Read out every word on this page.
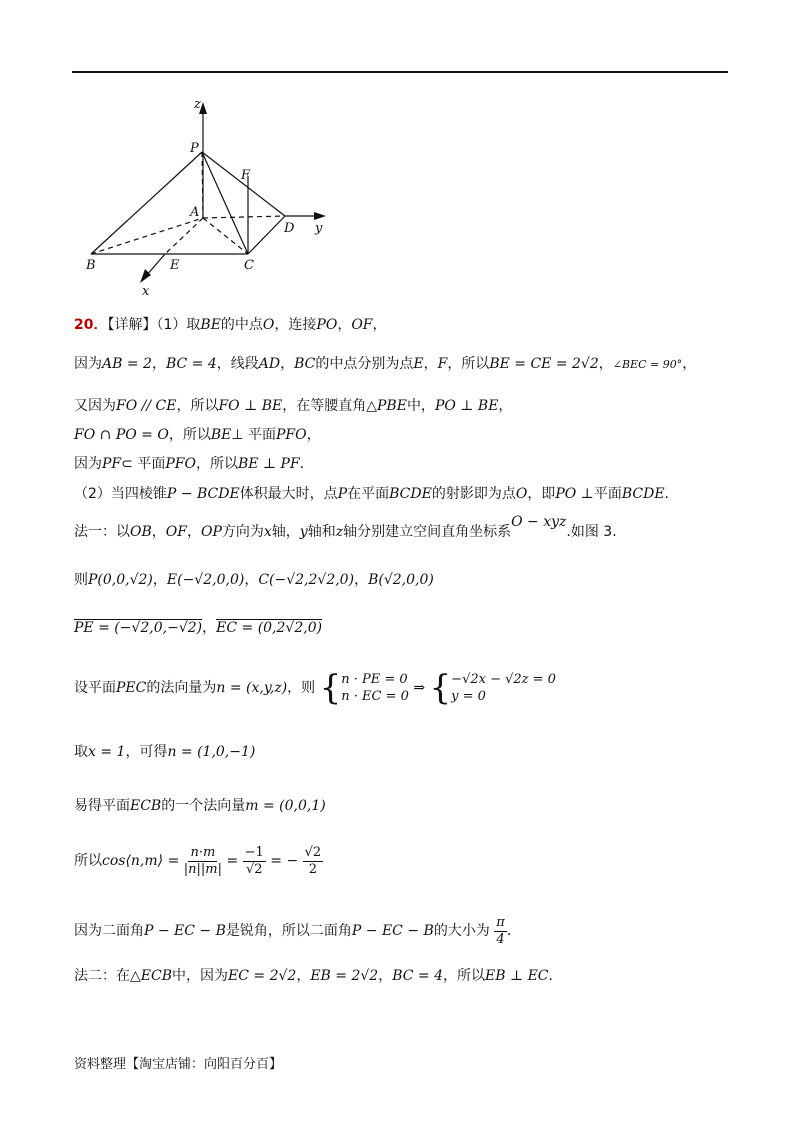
z
y
x
P
F
A
D
B	E	C
20．【详解】（1）取BE的中点O，连接PO，OF，
因为AB = 2，BC = 4，线段AD，BC的中点分别为点E，F，所以BE = CE = 2√2，∠BEC = 90°，
又因为FO // CE，所以FO ⊥ BE，在等腰直角△PBE中，PO ⊥ BE，
FO ∩ PO = O，所以BE⊥ 平面PFO，
因为PF⊂ 平面PFO，所以BE ⊥ PF.
（2）当四棱锥P − BCDE体积最大时，点P在平面BCDE的射影即为点O，即PO ⊥平面BCDE.
法一：以OB，OF，OP方向为x轴，y轴和z轴分别建立空间直角坐标系O − xyz.如图 3.
则P(0,0,√2)，E(−√2,0,0)，C(−√2,2√2,0)，B(√2,0,0)
PE = (−√2,0,−√2)，EC = (0,2√2,0)
设平面PEC的法向量为n = (x,y,z)，则 { n · PE = 0
n · EC = 0
⇒ { −√2x − √2z = 0
y = 0
取x = 1，可得n = (1,0,−1)
易得平面ECB的一个法向量m = (0,0,1)
所以cos⟨n,m⟩ = $\frac{n\cdot m}{|n||m|} = \frac{-1}{√2}$ = − $\frac{√2}{2}$
因为二面角P − EC − B是锐角，所以二面角P − EC − B的大小为 $\frac{\pi}{4}$ .
法二：在△ECB中，因为EC = 2√2，EB = 2√2，BC = 4，所以EB ⊥ EC.
资料整理【淘宝店铺：向阳百分百】
